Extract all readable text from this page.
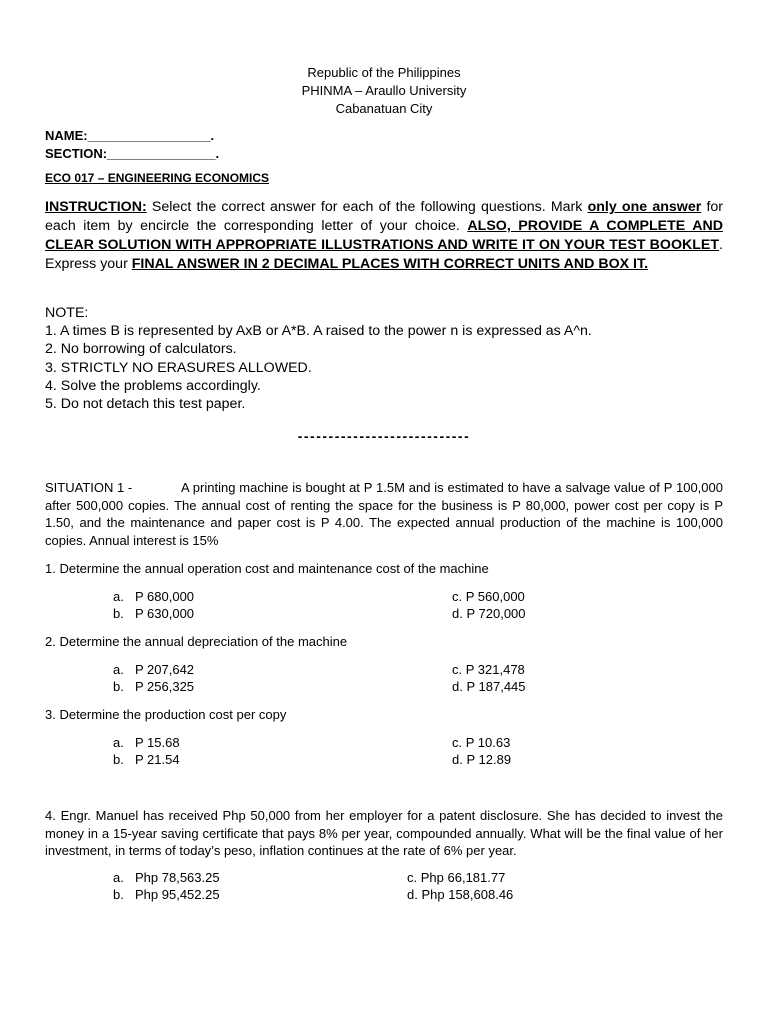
Republic of the Philippines
PHINMA – Araullo University
Cabanatuan City
NAME:_________________.
SECTION:_______________.
ECO 017 – ENGINEERING ECONOMICS
INSTRUCTION: Select the correct answer for each of the following questions. Mark only one answer for each item by encircle the corresponding letter of your choice. ALSO, PROVIDE A COMPLETE AND CLEAR SOLUTION WITH APPROPRIATE ILLUSTRATIONS AND WRITE IT ON YOUR TEST BOOKLET. Express your FINAL ANSWER IN 2 DECIMAL PLACES WITH CORRECT UNITS AND BOX IT.
NOTE:
1. A times B is represented by AxB or A*B. A raised to the power n is expressed as A^n.
2. No borrowing of calculators.
3. STRICTLY NO ERASURES ALLOWED.
4. Solve the problems accordingly.
5. Do not detach this test paper.
----------------------------
SITUATION 1 -	A printing machine is bought at P 1.5M and is estimated to have a salvage value of P 100,000 after 500,000 copies. The annual cost of renting the space for the business is P 80,000, power cost per copy is P 1.50, and the maintenance and paper cost is P 4.00. The expected annual production of the machine is 100,000 copies. Annual interest is 15%
1. Determine the annual operation cost and maintenance cost of the machine
a. P 680,000
b. P 630,000
c. P 560,000
d. P 720,000
2. Determine the annual depreciation of the machine
a. P 207,642
b. P 256,325
c. P 321,478
d. P 187,445
3. Determine the production cost per copy
a. P 15.68
b. P 21.54
c. P 10.63
d. P 12.89
4. Engr. Manuel has received Php 50,000 from her employer for a patent disclosure. She has decided to invest the money in a 15-year saving certificate that pays 8% per year, compounded annually. What will be the final value of her investment, in terms of today’s peso, inflation continues at the rate of 6% per year.
a. Php 78,563.25
b. Php 95,452.25
c. Php 66,181.77
d. Php 158,608.46
